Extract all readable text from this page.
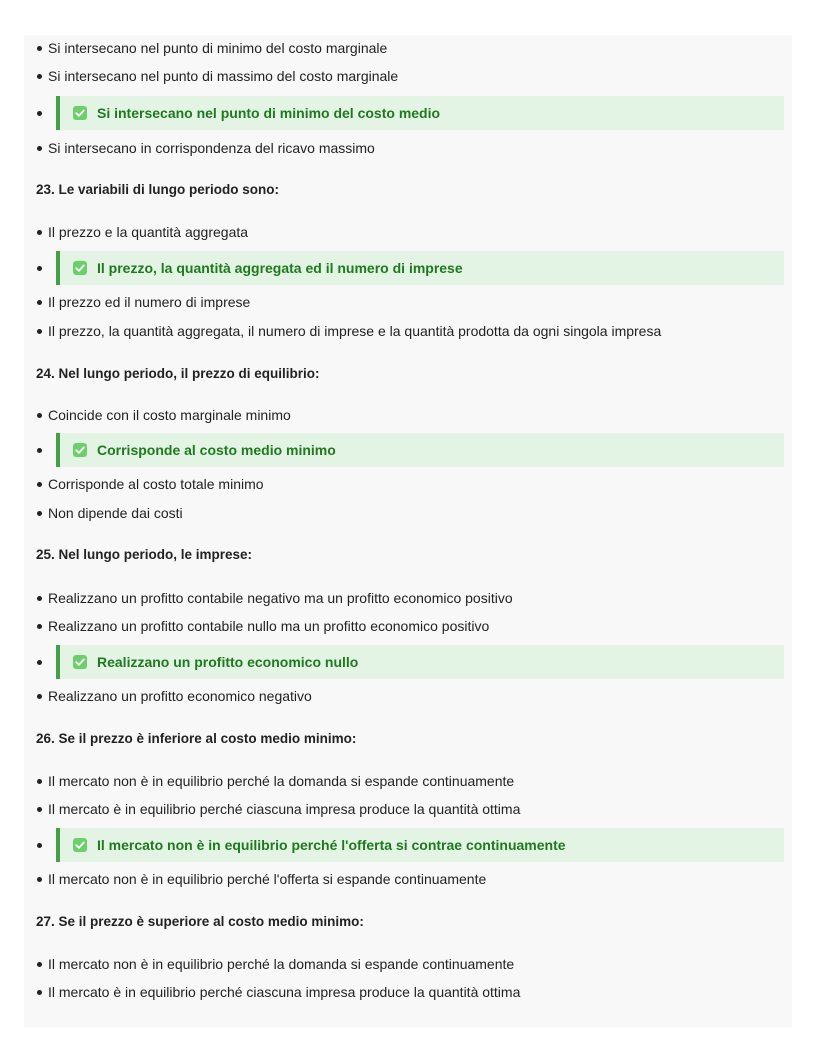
Si intersecano nel punto di minimo del costo marginale
Si intersecano nel punto di massimo del costo marginale
Si intersecano nel punto di minimo del costo medio
Si intersecano in corrispondenza del ricavo massimo
23. Le variabili di lungo periodo sono:
Il prezzo e la quantità aggregata
Il prezzo, la quantità aggregata ed il numero di imprese
Il prezzo ed il numero di imprese
Il prezzo, la quantità aggregata, il numero di imprese e la quantità prodotta da ogni singola impresa
24. Nel lungo periodo, il prezzo di equilibrio:
Coincide con il costo marginale minimo
Corrisponde al costo medio minimo
Corrisponde al costo totale minimo
Non dipende dai costi
25. Nel lungo periodo, le imprese:
Realizzano un profitto contabile negativo ma un profitto economico positivo
Realizzano un profitto contabile nullo ma un profitto economico positivo
Realizzano un profitto economico nullo
Realizzano un profitto economico negativo
26. Se il prezzo è inferiore al costo medio minimo:
Il mercato non è in equilibrio perché la domanda si espande continuamente
Il mercato è in equilibrio perché ciascuna impresa produce la quantità ottima
Il mercato non è in equilibrio perché l'offerta si contrae continuamente
Il mercato non è in equilibrio perché l'offerta si espande continuamente
27. Se il prezzo è superiore al costo medio minimo:
Il mercato non è in equilibrio perché la domanda si espande continuamente
Il mercato è in equilibrio perché ciascuna impresa produce la quantità ottima
